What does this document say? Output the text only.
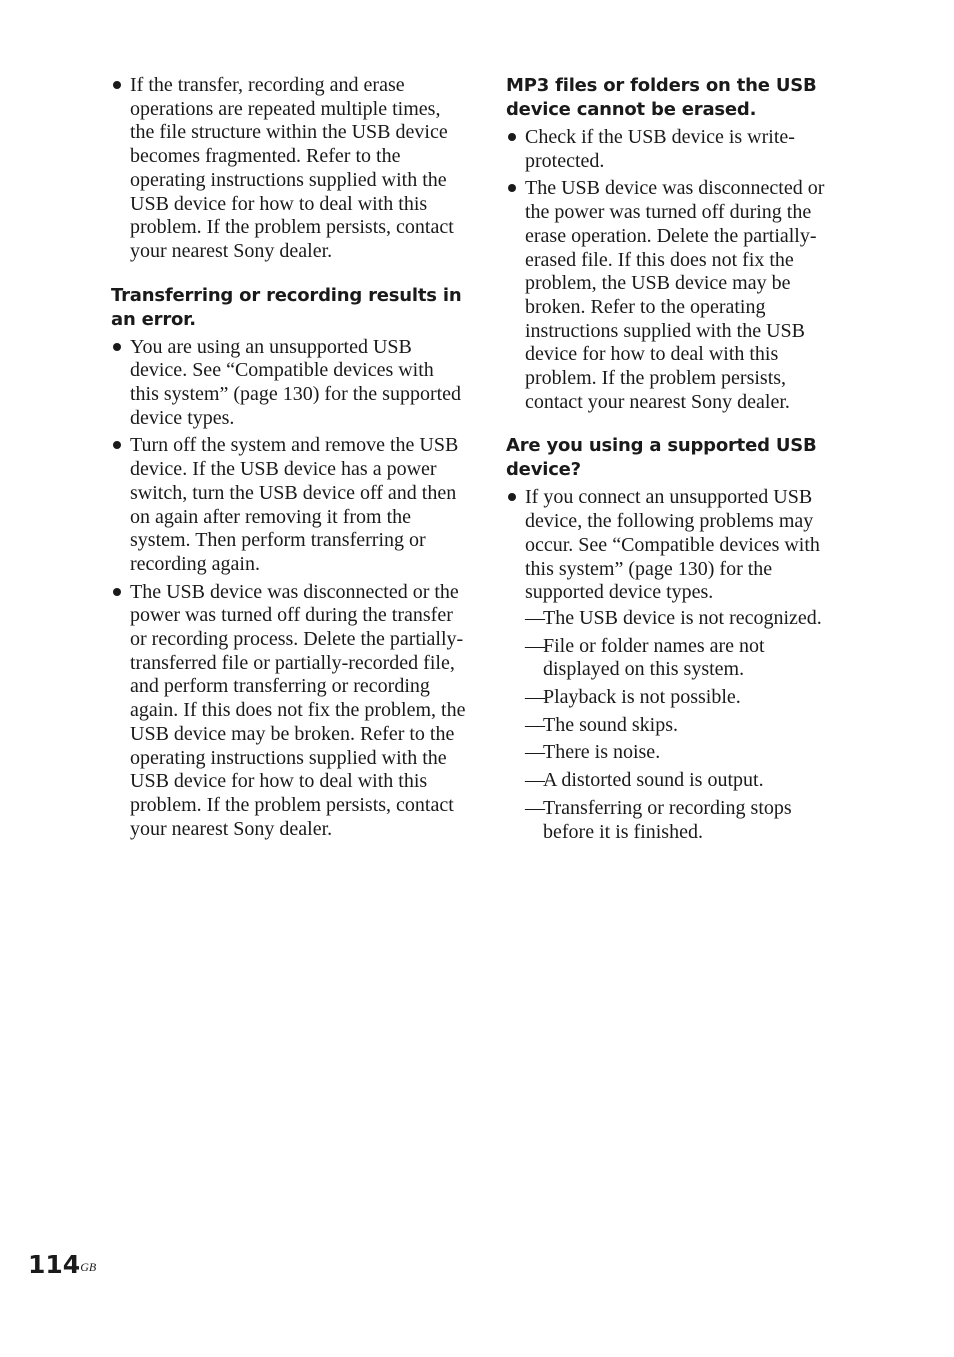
If the transfer, recording and erase operations are repeated multiple times, the file structure within the USB device becomes fragmented. Refer to the operating instructions supplied with the USB device for how to deal with this problem. If the problem persists, contact your nearest Sony dealer.
Transferring or recording results in an error.
You are using an unsupported USB device. See “Compatible devices with this system” (page 130) for the supported device types.
Turn off the system and remove the USB device. If the USB device has a power switch, turn the USB device off and then on again after removing it from the system. Then perform transferring or recording again.
The USB device was disconnected or the power was turned off during the transfer or recording process. Delete the partially-transferred file or partially-recorded file, and perform transferring or recording again. If this does not fix the problem, the USB device may be broken. Refer to the operating instructions supplied with the USB device for how to deal with this problem. If the problem persists, contact your nearest Sony dealer.
MP3 files or folders on the USB device cannot be erased.
Check if the USB device is write-protected.
The USB device was disconnected or the power was turned off during the erase operation. Delete the partially-erased file. If this does not fix the problem, the USB device may be broken. Refer to the operating instructions supplied with the USB device for how to deal with this problem. If the problem persists, contact your nearest Sony dealer.
Are you using a supported USB device?
If you connect an unsupported USB device, the following problems may occur. See “Compatible devices with this system” (page 130) for the supported device types.
— The USB device is not recognized.
— File or folder names are not displayed on this system.
— Playback is not possible.
— The sound skips.
— There is noise.
— A distorted sound is output.
— Transferring or recording stops before it is finished.
$114^{GB}$
